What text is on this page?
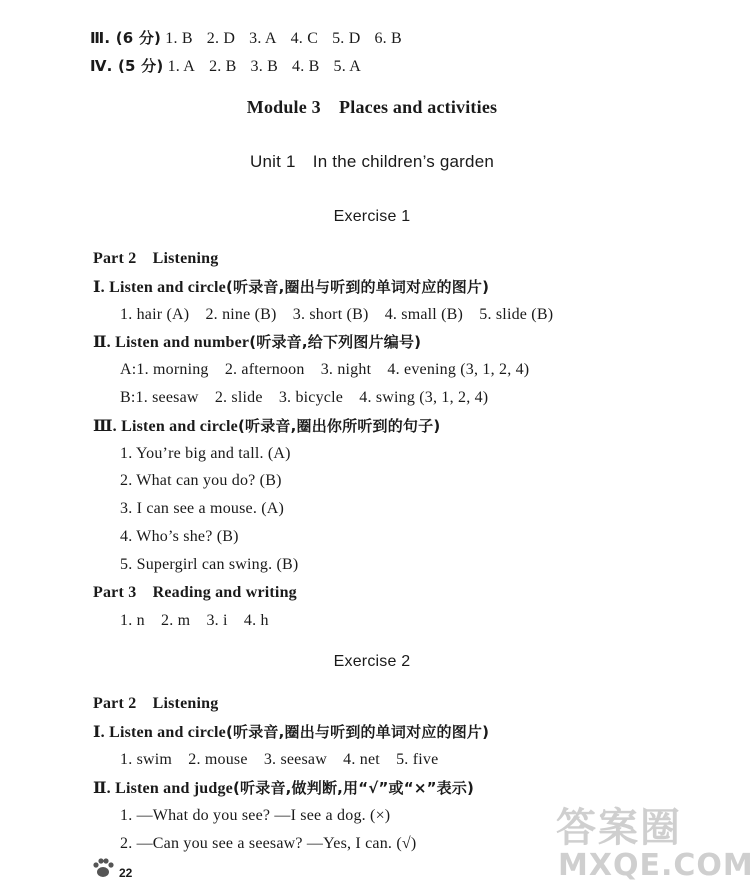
Ⅲ. (6 分) 1. B 2. D 3. A 4. C 5. D 6. B
Ⅳ. (5 分) 1. A 2. B 3. B 4. B 5. A
Module 3　Places and activities
Unit 1　In the children’s garden
Exercise 1
Part 2　Listening
Ⅰ. Listen and circle(听录音,圈出与听到的单词对应的图片)
1. hair (A)　2. nine (B)　3. short (B)　4. small (B)　5. slide (B)
Ⅱ. Listen and number(听录音,给下列图片编号)
A:1. morning　2. afternoon　3. night　4. evening (3, 1, 2, 4)
B:1. seesaw　2. slide　3. bicycle　4. swing (3, 1, 2, 4)
Ⅲ. Listen and circle(听录音,圈出你所听到的句子)
1. You’re big and tall. (A)
2. What can you do? (B)
3. I can see a mouse. (A)
4. Who’s she? (B)
5. Supergirl can swing. (B)
Part 3　Reading and writing
1. n　2. m　3. i　4. h
Exercise 2
Part 2　Listening
Ⅰ. Listen and circle(听录音,圈出与听到的单词对应的图片)
1. swim　2. mouse　3. seesaw　4. net　5. five
Ⅱ. Listen and judge(听录音,做判断,用“√”或“×”表示)
1. —What do you see? —I see a dog. (×)
2. —Can you see a seesaw? —Yes, I can. (√)
22
答案圈
MXQE.COM
